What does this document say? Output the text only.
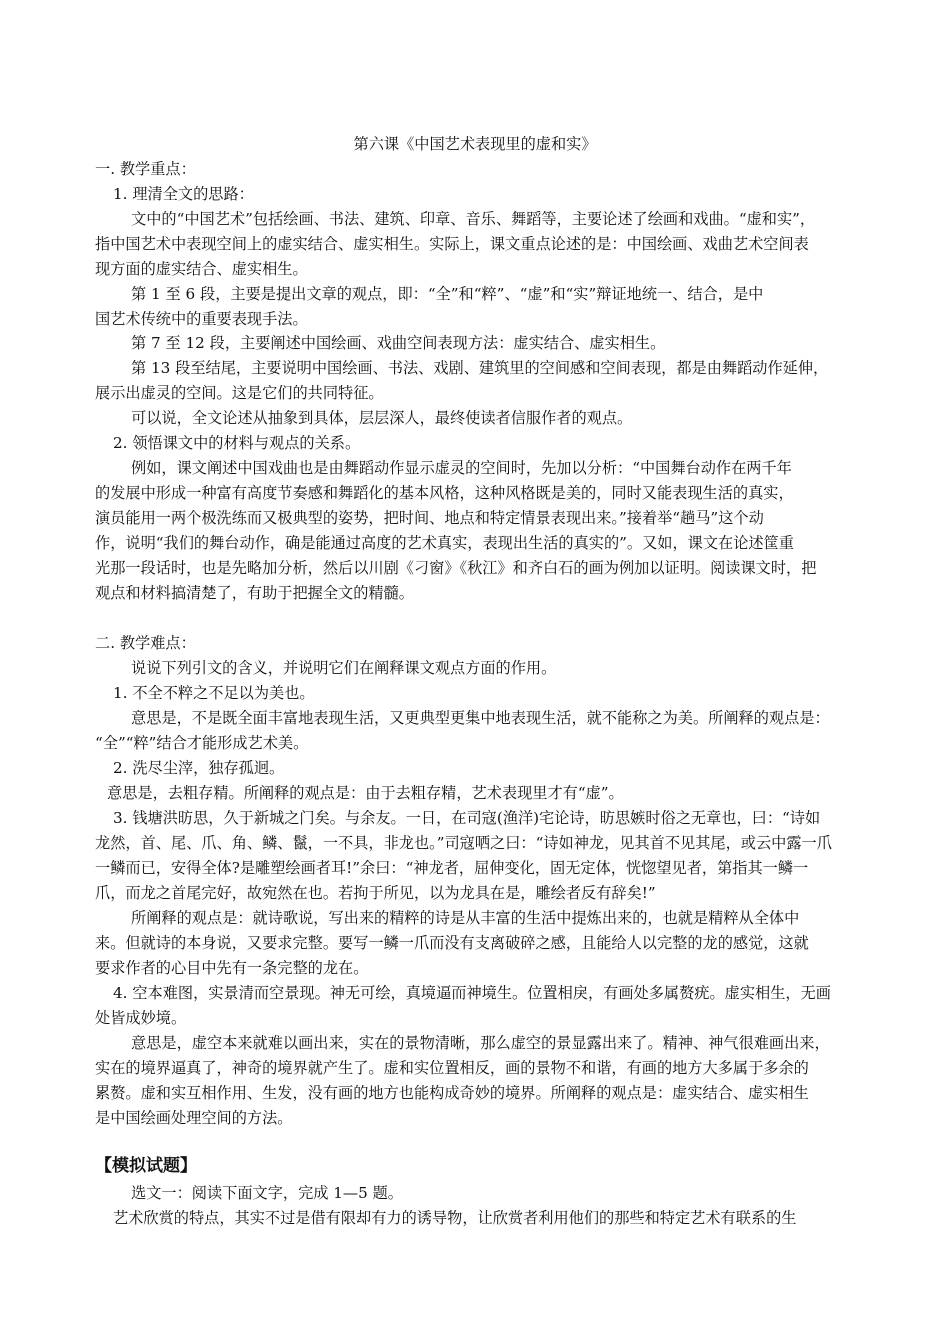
第六课《中国艺术表现里的虚和实》
一. 教学重点：
1. 理清全文的思路：
文中的“中国艺术”包括绘画、书法、建筑、印章、音乐、舞蹈等，主要论述了绘画和戏曲。“虚和实”，
指中国艺术中表现空间上的虚实结合、虚实相生。实际上，课文重点论述的是：中国绘画、戏曲艺术空间表
现方面的虚实结合、虚实相生。
第 1 至 6 段，主要是提出文章的观点，即：“全”和“粹”、“虚”和“实”辩证地统一、结合，是中
国艺术传统中的重要表现手法。
第 7 至 12 段，主要阐述中国绘画、戏曲空间表现方法：虚实结合、虚实相生。
第 13 段至结尾，主要说明中国绘画、书法、戏剧、建筑里的空间感和空间表现，都是由舞蹈动作延伸，
展示出虚灵的空间。这是它们的共同特征。
可以说，全文论述从抽象到具体，层层深人，最终使读者信服作者的观点。
2. 领悟课文中的材料与观点的关系。
例如，课文阐述中国戏曲也是由舞蹈动作显示虚灵的空间时，先加以分析：“中国舞台动作在两千年
的发展中形成一种富有高度节奏感和舞蹈化的基本风格，这种风格既是美的，同时又能表现生活的真实，
演员能用一两个极洗练而又极典型的姿势，把时间、地点和特定情景表现出来。”接着举“趟马”这个动
作，说明“我们的舞台动作，确是能通过高度的艺术真实，表现出生活的真实的”。又如，课文在论述筐重
光那一段话时，也是先略加分析，然后以川剧《刁窗》《秋江》和齐白石的画为例加以证明。阅读课文时，把
观点和材料搞清楚了，有助于把握全文的精髓。
二. 教学难点：
说说下列引文的含义，并说明它们在阐释课文观点方面的作用。
1. 不全不粹之不足以为美也。
意思是，不是既全面丰富地表现生活，又更典型更集中地表现生活，就不能称之为美。所阐释的观点是：
“全”“粹”结合才能形成艺术美。
2. 洗尽尘滓，独存孤迥。
意思是，去粗存精。所阐释的观点是：由于去粗存精，艺术表现里才有“虚”。
3. 钱塘洪昉思，久于新城之门矣。与余友。一日，在司寇(渔洋)宅论诗，昉思嫉时俗之无章也，曰：“诗如
龙然，首、尾、爪、角、鳞、鬣，一不具，非龙也。”司寇哂之曰：“诗如神龙，见其首不见其尾，或云中露一爪
一鳞而已，安得全体?是雕塑绘画者耳!”余曰：“神龙者，屈伸变化，固无定体，恍惚望见者，第指其一鳞一
爪，而龙之首尾完好，故宛然在也。若拘于所见，以为龙具在是，雕绘者反有辞矣!”
所阐释的观点是：就诗歌说，写出来的精粹的诗是从丰富的生活中提炼出来的，也就是精粹从全体中
来。但就诗的本身说，又要求完整。要写一鳞一爪而没有支离破碎之感，且能给人以完整的龙的感觉，这就
要求作者的心目中先有一条完整的龙在。
4. 空本难图，实景清而空景现。神无可绘，真境逼而神境生。位置相戾，有画处多属赘疣。虚实相生，无画
处皆成妙境。
意思是，虚空本来就难以画出来，实在的景物清晰，那么虚空的景显露出来了。精神、神气很难画出来，
实在的境界逼真了，神奇的境界就产生了。虚和实位置相反，画的景物不和谐，有画的地方大多属于多余的
累赘。虚和实互相作用、生发，没有画的地方也能构成奇妙的境界。所阐释的观点是：虚实结合、虚实相生
是中国绘画处理空间的方法。
【模拟试题】
选文一：阅读下面文字，完成 1—5 题。
艺术欣赏的特点，其实不过是借有限却有力的诱导物，让欣赏者利用他们的那些和特定艺术有联系的生
